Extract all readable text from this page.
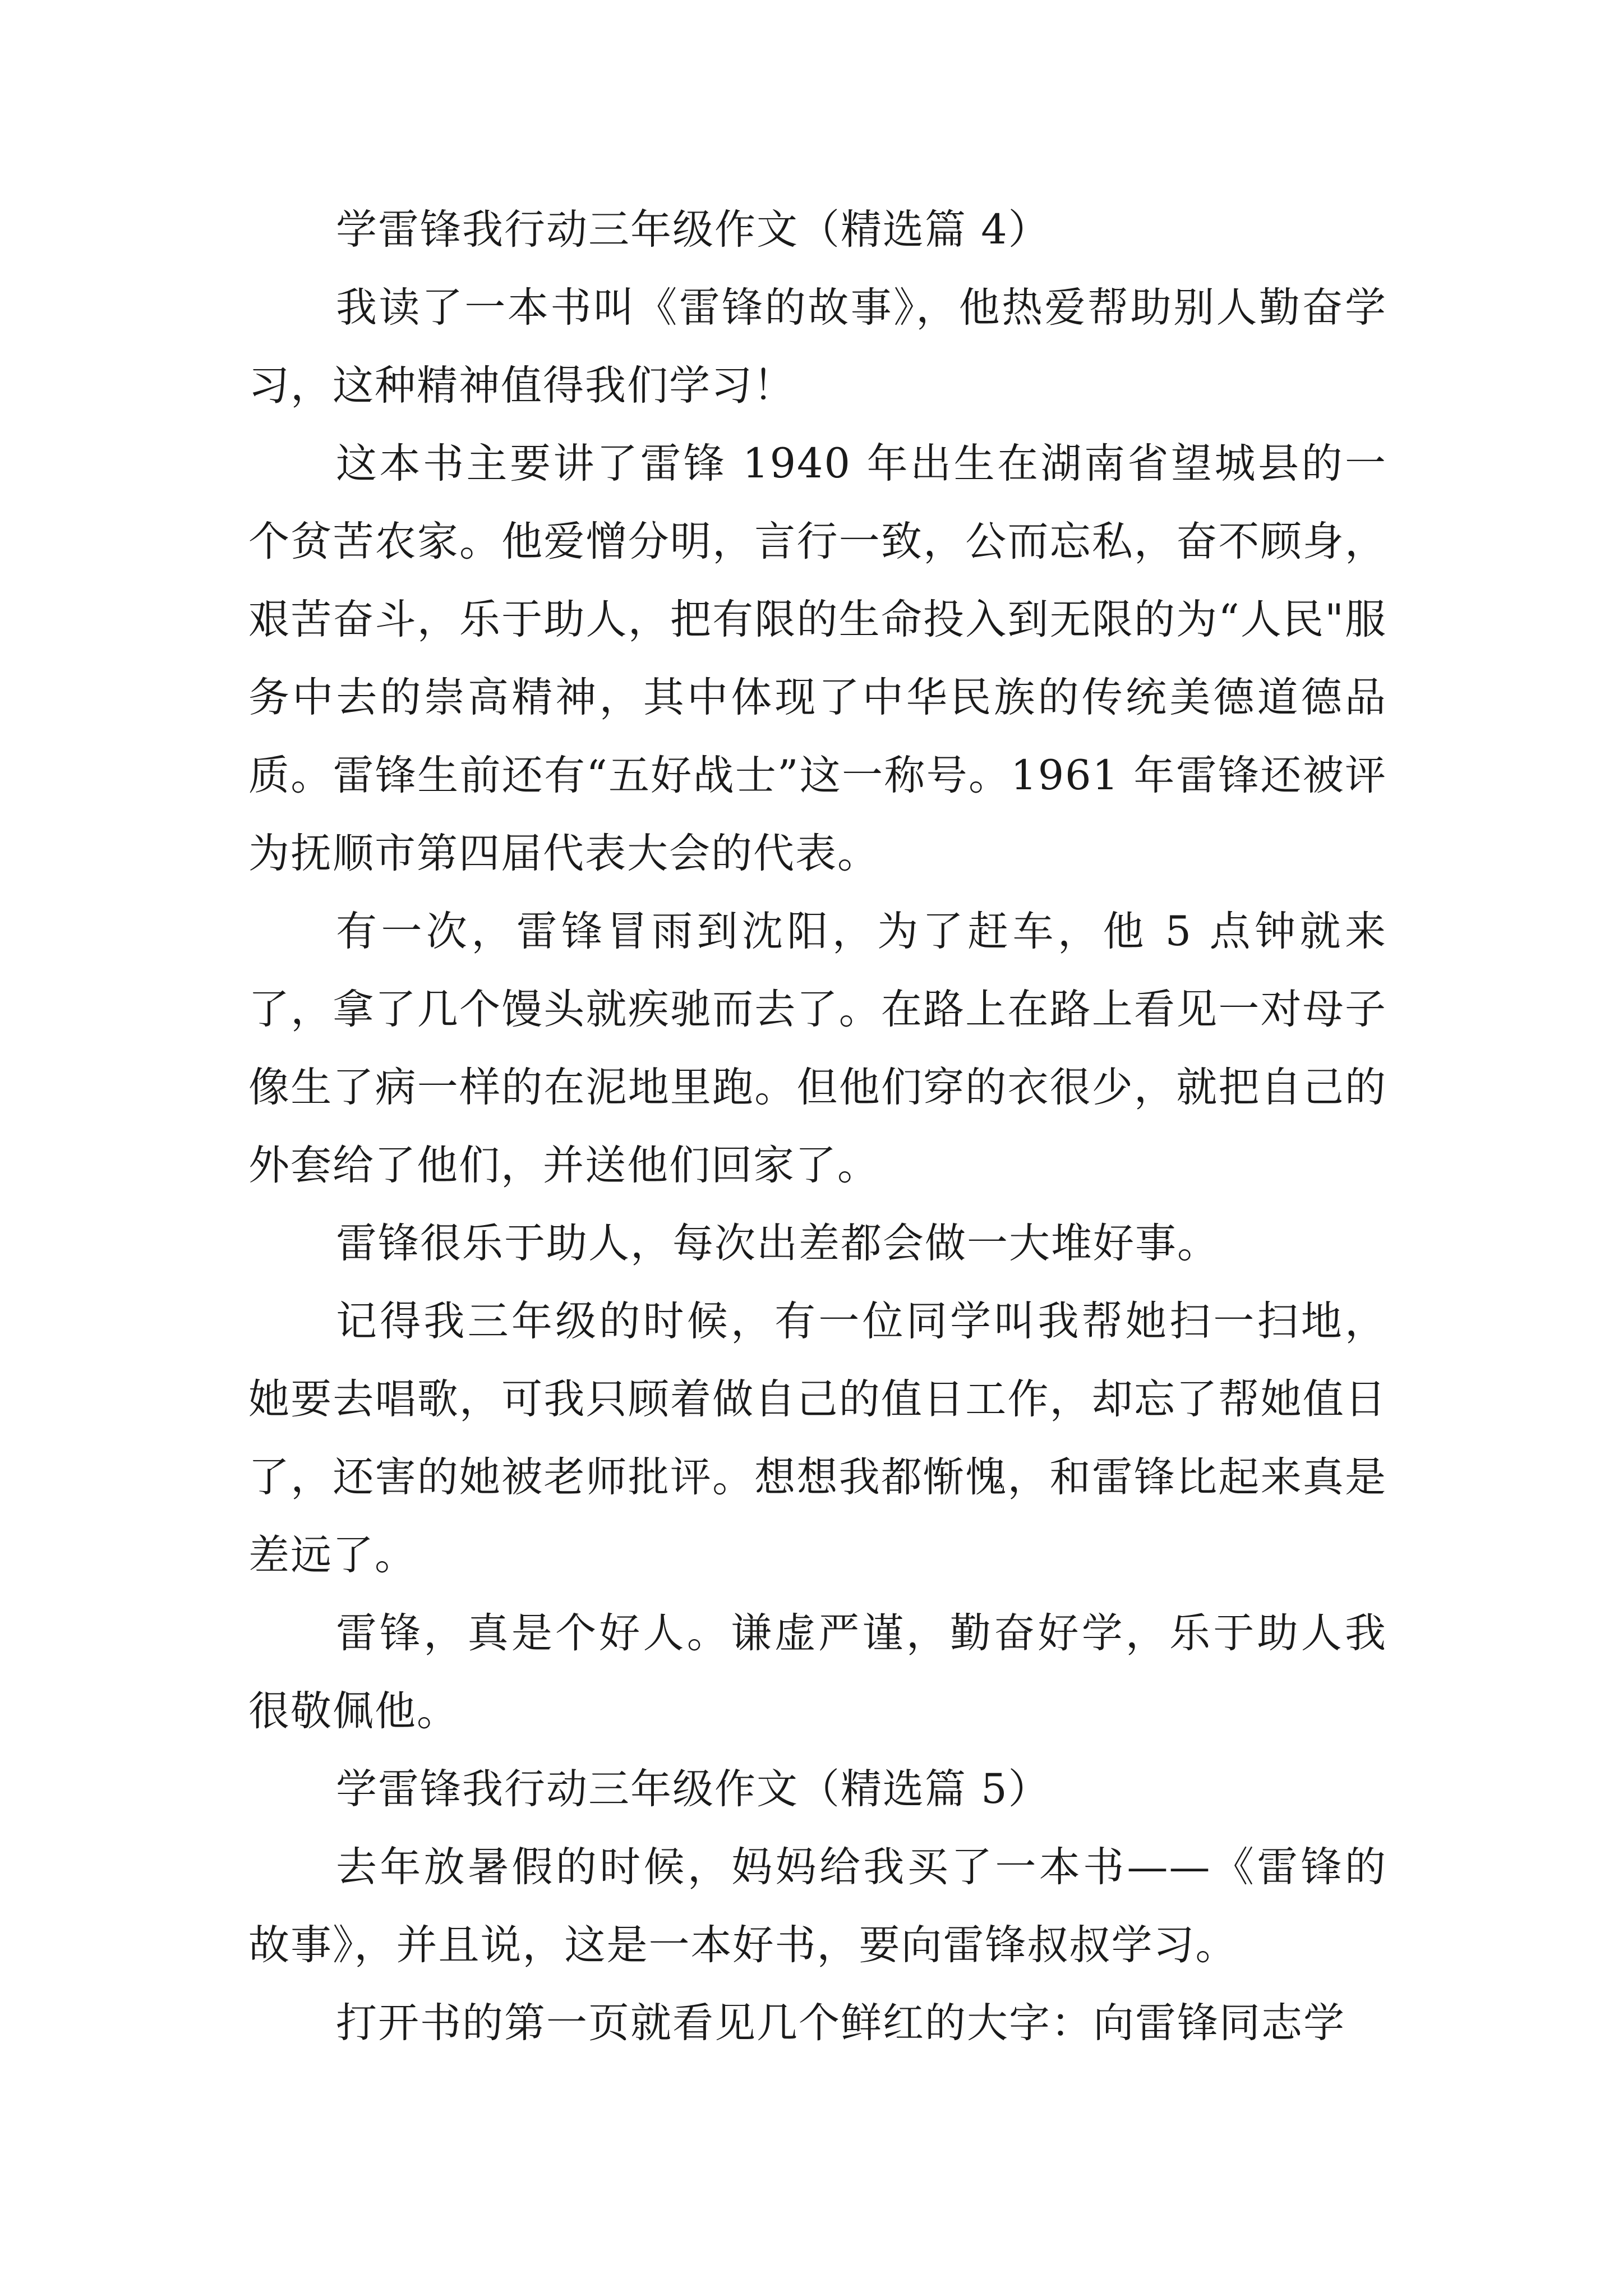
学雷锋我行动三年级作文（精选篇 4）

我读了一本书叫《雷锋的故事》，他热爱帮助别人勤奋学习，这种精神值得我们学习！

这本书主要讲了雷锋 1940 年出生在湖南省望城县的一个贫苦农家。他爱憎分明，言行一致，公而忘私，奋不顾身，艰苦奋斗，乐于助人，把有限的生命投入到无限的为“人民"服务中去的崇高精神，其中体现了中华民族的传统美德道德品质。雷锋生前还有“五好战士”这一称号。1961 年雷锋还被评为抚顺市第四届代表大会的代表。

有一次，雷锋冒雨到沈阳，为了赶车，他 5 点钟就来了，拿了几个馒头就疾驰而去了。在路上在路上看见一对母子像生了病一样的在泥地里跑。但他们穿的衣很少，就把自己的外套给了他们，并送他们回家了。

雷锋很乐于助人，每次出差都会做一大堆好事。

记得我三年级的时候，有一位同学叫我帮她扫一扫地，她要去唱歌，可我只顾着做自己的值日工作，却忘了帮她值日了，还害的她被老师批评。想想我都惭愧，和雷锋比起来真是差远了。

雷锋，真是个好人。谦虚严谨，勤奋好学，乐于助人我很敬佩他。

学雷锋我行动三年级作文（精选篇 5）

去年放暑假的时候，妈妈给我买了一本书——《雷锋的故事》，并且说，这是一本好书，要向雷锋叔叔学习。

打开书的第一页就看见几个鲜红的大字：向雷锋同志学
